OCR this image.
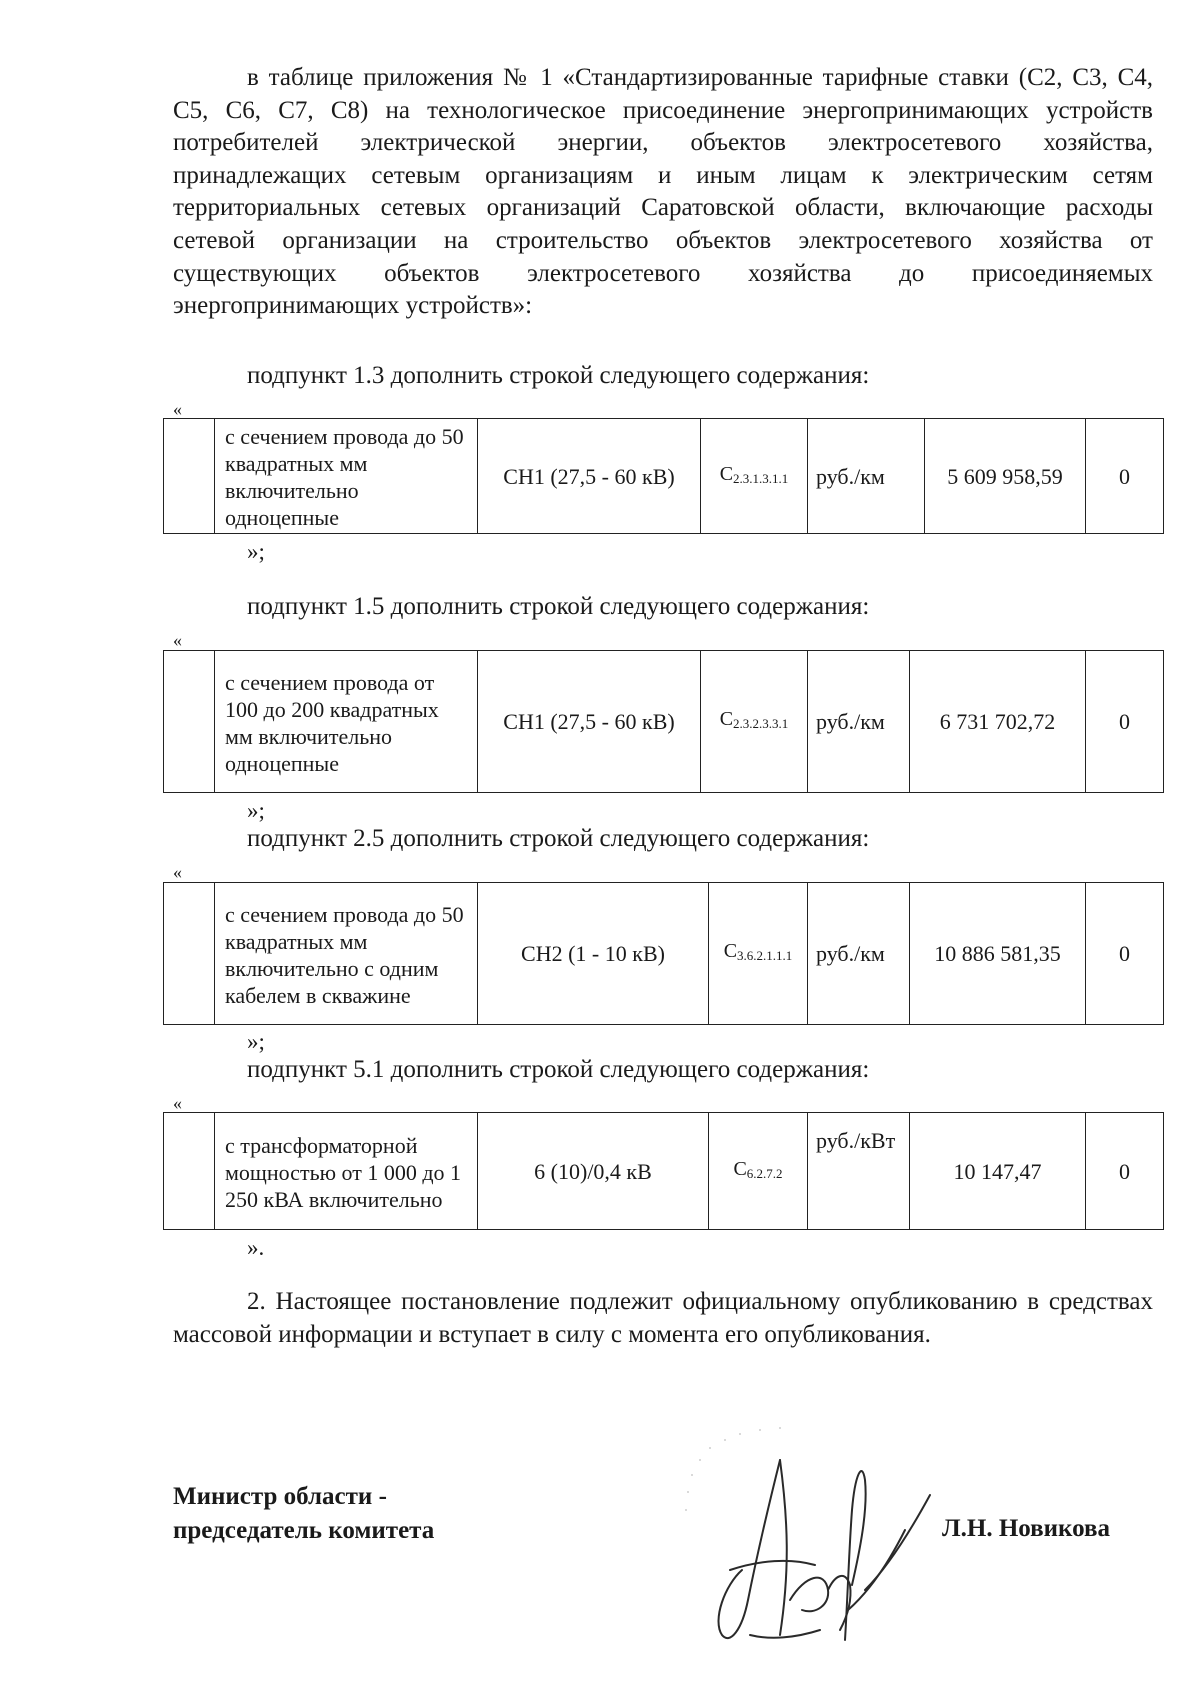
в таблице приложения № 1 «Стандартизированные тарифные ставки (С2, С3, С4, С5, С6, С7, С8) на технологическое присоединение энергопринимающих устройств потребителей электрической энергии, объектов электросетевого хозяйства, принадлежащих сетевым организациям и иным лицам к электрическим сетям территориальных сетевых организаций Саратовской области, включающие расходы сетевой организации на строительство объектов электросетевого хозяйства от существующих объектов электросетевого хозяйства до присоединяемых энергопринимающих устройств»:

подпункт 1.3 дополнить строкой следующего содержания:

«
	с сечением провода до 50 квадратных мм включительно одноцепные	СН1 (27,5 - 60 кВ)	$С_{2.3.1.3.1.1}$	руб./км	5 609 958,59	0
»;

подпункт 1.5 дополнить строкой следующего содержания:

«
	с сечением провода от 100 до 200 квадратных мм включительно одноцепные	СН1 (27,5 - 60 кВ)	$С_{2.3.2.3.3.1}$	руб./км	6 731 702,72	0
»;

подпункт 2.5 дополнить строкой следующего содержания:

«
	с сечением провода до 50 квадратных мм включительно с одним кабелем в скважине	СН2 (1 - 10 кВ)	$С_{3.6.2.1.1.1}$	руб./км	10 886 581,35	0
»;

подпункт 5.1 дополнить строкой следующего содержания:

«
	с трансформаторной мощностью от 1 000 до 1 250 кВА включительно	6 (10)/0,4 кВ	$С_{6.2.7.2}$	руб./кВт	10 147,47	0
».

2. Настоящее постановление подлежит официальному опубликованию в средствах массовой информации и вступает в силу с момента его опубликования.

Министр области -
председатель комитета	Л.Н. Новикова
